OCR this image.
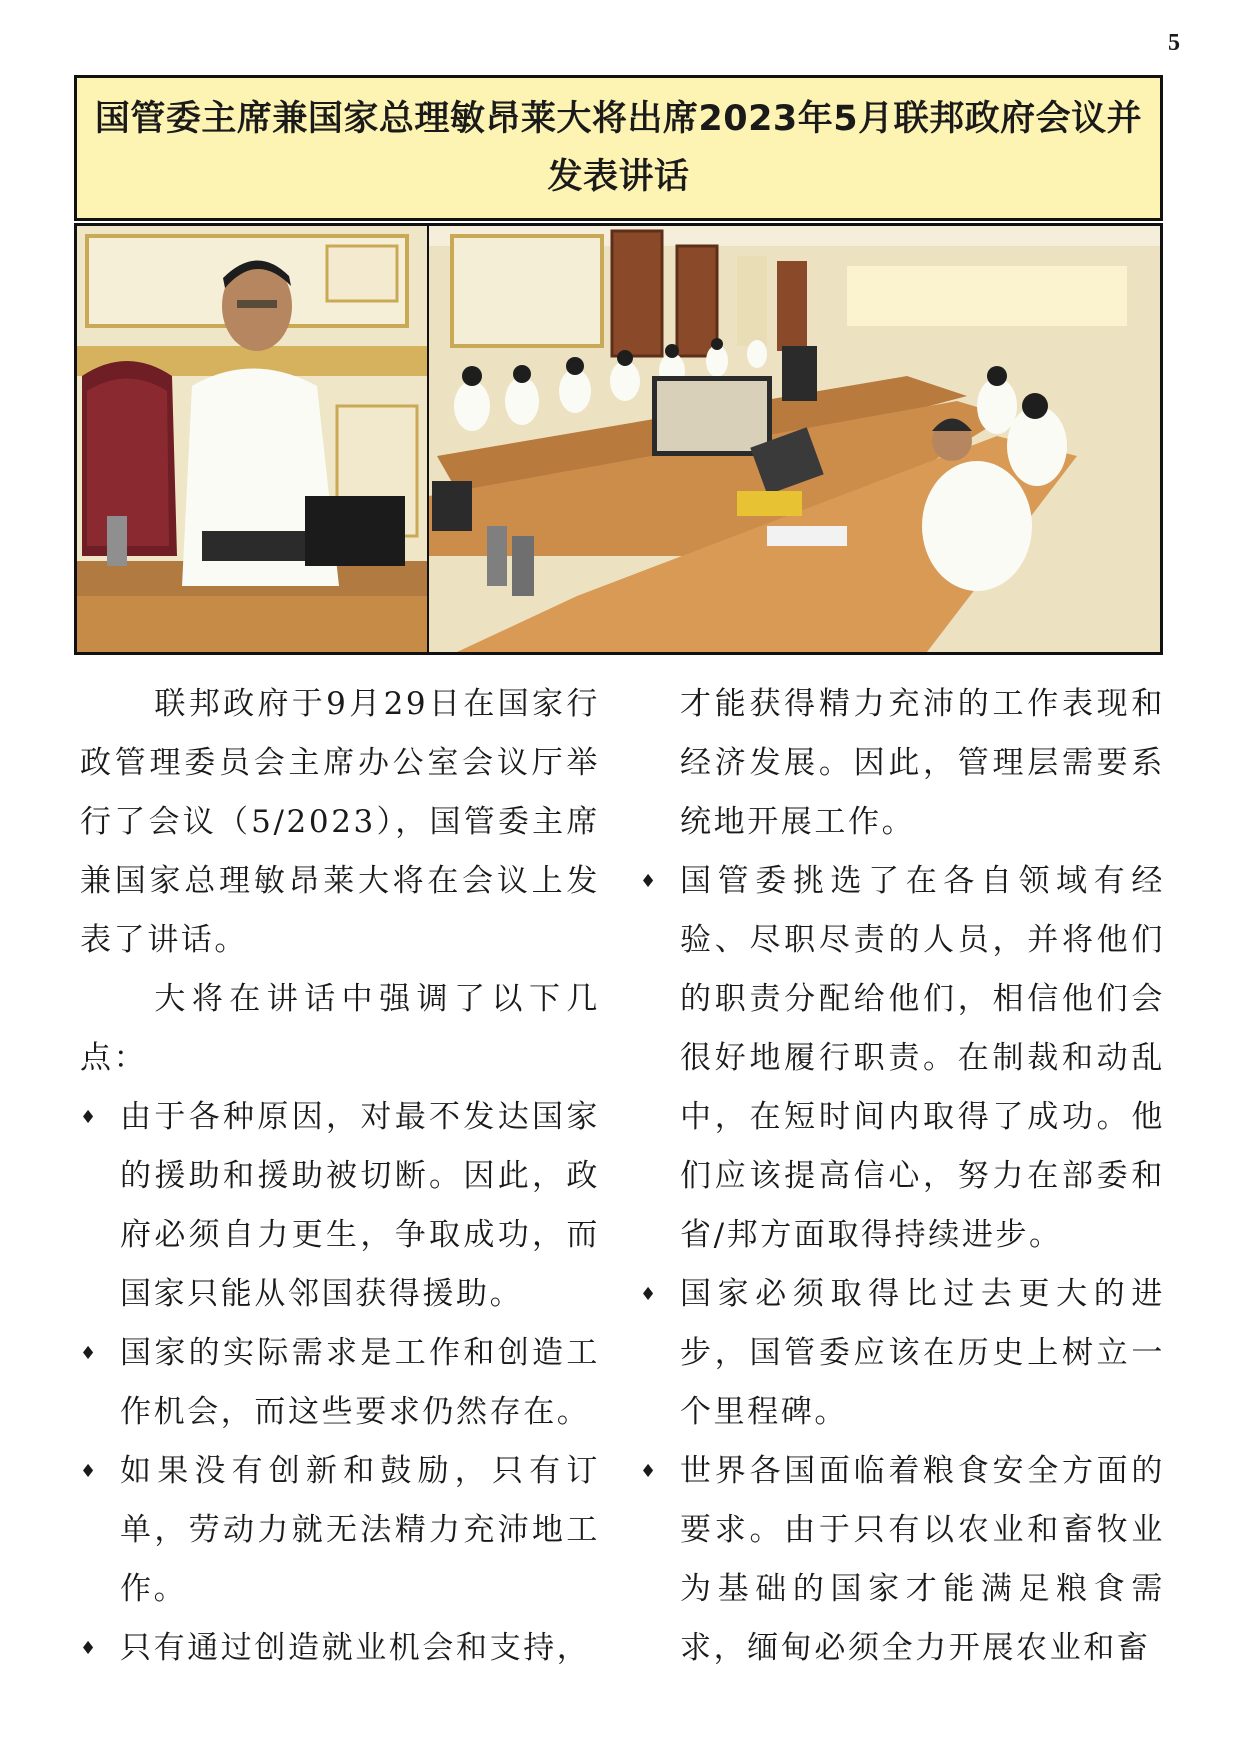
5
国管委主席兼国家总理敏昂莱大将出席2023年5月联邦政府会议并发表讲话

联邦政府于9月29日在国家行政管理委员会主席办公室会议厅举行了会议（5/2023），国管委主席兼国家总理敏昂莱大将在会议上发表了讲话。

大将在讲话中强调了以下几点：

♦ 由于各种原因，对最不发达国家的援助和援助被切断。因此，政府必须自力更生，争取成功，而国家只能从邻国获得援助。

♦ 国家的实际需求是工作和创造工作机会，而这些要求仍然存在。

♦ 如果没有创新和鼓励，只有订单，劳动力就无法精力充沛地工作。

♦ 只有通过创造就业机会和支持，

才能获得精力充沛的工作表现和经济发展。因此，管理层需要系统地开展工作。

♦ 国管委挑选了在各自领域有经验、尽职尽责的人员，并将他们的职责分配给他们，相信他们会很好地履行职责。在制裁和动乱中，在短时间内取得了成功。他们应该提高信心，努力在部委和省/邦方面取得持续进步。

♦ 国家必须取得比过去更大的进步，国管委应该在历史上树立一个里程碑。

♦ 世界各国面临着粮食安全方面的要求。由于只有以农业和畜牧业为基础的国家才能满足粮食需求，缅甸必须全力开展农业和畜
